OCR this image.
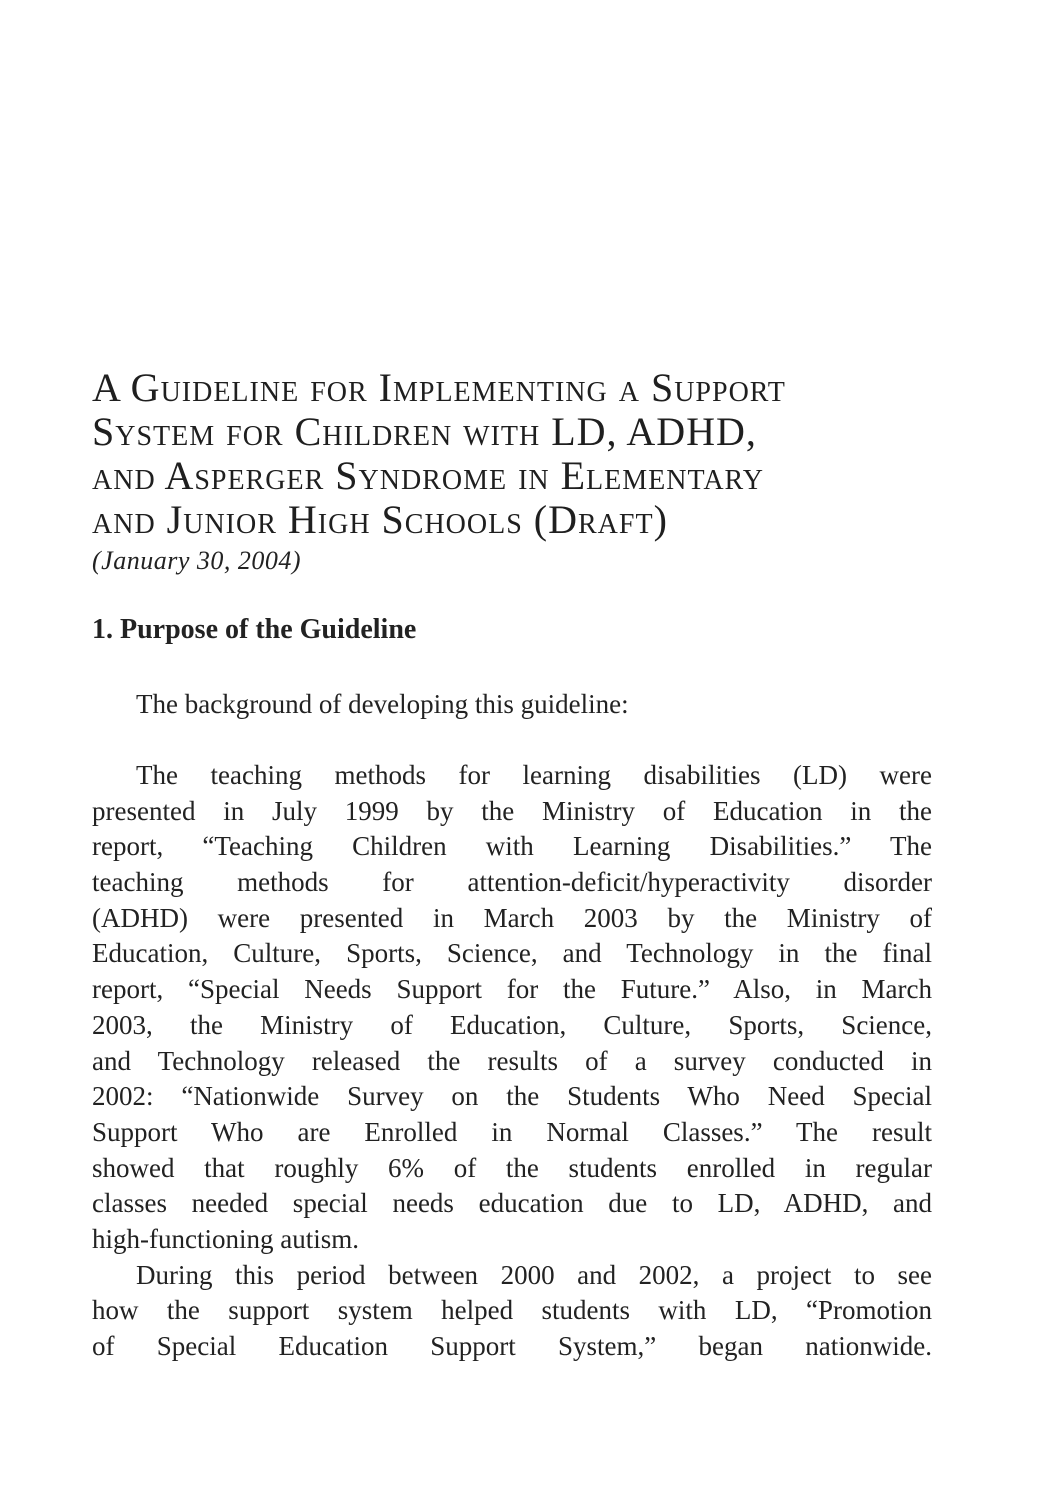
A Guideline for Implementing a Support
System for Children with LD, ADHD,
and Asperger Syndrome in Elementary
and Junior High Schools (Draft)
(January 30, 2004)
1. Purpose of the Guideline
The background of developing this guideline:
The teaching methods for learning disabilities (LD) were
presented in July 1999 by the Ministry of Education in the
report, “Teaching Children with Learning Disabilities.” The
teaching methods for attention-deficit/hyperactivity disorder
(ADHD) were presented in March 2003 by the Ministry of
Education, Culture, Sports, Science, and Technology in the final
report, “Special Needs Support for the Future.” Also, in March
2003, the Ministry of Education, Culture, Sports, Science,
and Technology released the results of a survey conducted in
2002: “Nationwide Survey on the Students Who Need Special
Support Who are Enrolled in Normal Classes.” The result
showed that roughly 6% of the students enrolled in regular
classes needed special needs education due to LD, ADHD, and
high-functioning autism.
During this period between 2000 and 2002, a project to see
how the support system helped students with LD, “Promotion
of Special Education Support System,” began nationwide.
